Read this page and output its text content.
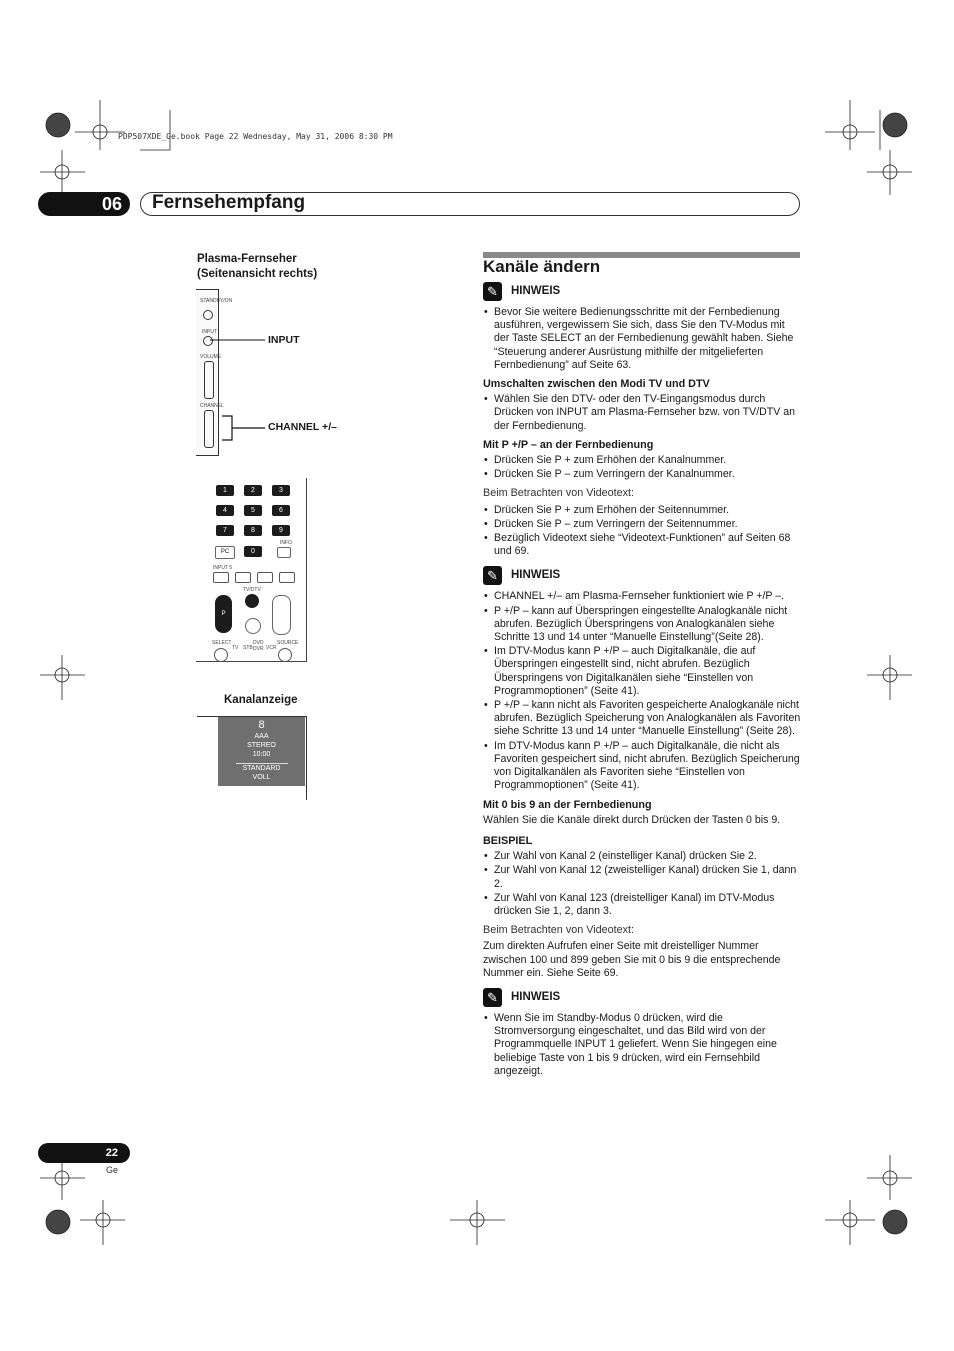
PDP507XDE_Ge.book Page 22 Wednesday, May 31, 2006 8:30 PM
06	Fernsehempfang
Plasma-Fernseher (Seitenansicht rechts)
STANDBY/ON
INPUT
VOLUME
CHANNEL
INPUT
CHANNEL +/–
1	2	3
4	5	6
7	8	9
0
PC
INFO
INPUT 5
TV/DTV
P
SELECT
TV STB
DVD DVR VCR
SOURCE
Kanalanzeige
8
AAA
STEREO
10:00
STANDARD
VOLL
Kanäle ändern
✎	HINWEIS
• Bevor Sie weitere Bedienungsschritte mit der Fernbedienung ausführen, vergewissern Sie sich, dass Sie den TV-Modus mit der Taste SELECT an der Fernbedienung gewählt haben. Siehe “Steuerung anderer Ausrüstung mithilfe der mitgelieferten Fernbedienung” auf Seite 63.
Umschalten zwischen den Modi TV und DTV
• Wählen Sie den DTV- oder den TV-Eingangsmodus durch Drücken von INPUT am Plasma-Fernseher bzw. von TV/DTV an der Fernbedienung.
Mit P +/P – an der Fernbedienung
• Drücken Sie P + zum Erhöhen der Kanalnummer.
• Drücken Sie P – zum Verringern der Kanalnummer.
Beim Betrachten von Videotext:
• Drücken Sie P + zum Erhöhen der Seitennummer.
• Drücken Sie P – zum Verringern der Seitennummer.
• Bezüglich Videotext siehe “Videotext-Funktionen” auf Seiten 68 und 69.
✎	HINWEIS
• CHANNEL +/– am Plasma-Fernseher funktioniert wie P +/P –.
• P +/P – kann auf Überspringen eingestellte Analogkanäle nicht abrufen. Bezüglich Überspringens von Analogkanälen siehe Schritte 13 und 14 unter “Manuelle Einstellung”(Seite 28).
• Im DTV-Modus kann P +/P – auch Digitalkanäle, die auf Überspringen eingestellt sind, nicht abrufen. Bezüglich Überspringens von Digitalkanälen siehe “Einstellen von Programmoptionen” (Seite 41).
• P +/P – kann nicht als Favoriten gespeicherte Analogkanäle nicht abrufen. Bezüglich Speicherung von Analogkanälen als Favoriten siehe Schritte 13 und 14 unter “Manuelle Einstellung” (Seite 28).
• Im DTV-Modus kann P +/P – auch Digitalkanäle, die nicht als Favoriten gespeichert sind, nicht abrufen. Bezüglich Speicherung von Digitalkanälen als Favoriten siehe “Einstellen von Programmoptionen” (Seite 41).
Mit 0 bis 9 an der Fernbedienung
Wählen Sie die Kanäle direkt durch Drücken der Tasten 0 bis 9.
BEISPIEL
• Zur Wahl von Kanal 2 (einstelliger Kanal) drücken Sie 2.
• Zur Wahl von Kanal 12 (zweistelliger Kanal) drücken Sie 1, dann 2.
• Zur Wahl von Kanal 123 (dreistelliger Kanal) im DTV-Modus drücken Sie 1, 2, dann 3.
Beim Betrachten von Videotext:
Zum direkten Aufrufen einer Seite mit dreistelliger Nummer zwischen 100 und 899 geben Sie mit 0 bis 9 die entsprechende Nummer ein. Siehe Seite 69.
✎	HINWEIS
• Wenn Sie im Standby-Modus 0 drücken, wird die Stromversorgung eingeschaltet, und das Bild wird von der Programmquelle INPUT 1 geliefert. Wenn Sie hingegen eine beliebige Taste von 1 bis 9 drücken, wird ein Fernsehbild angezeigt.
22
Ge
